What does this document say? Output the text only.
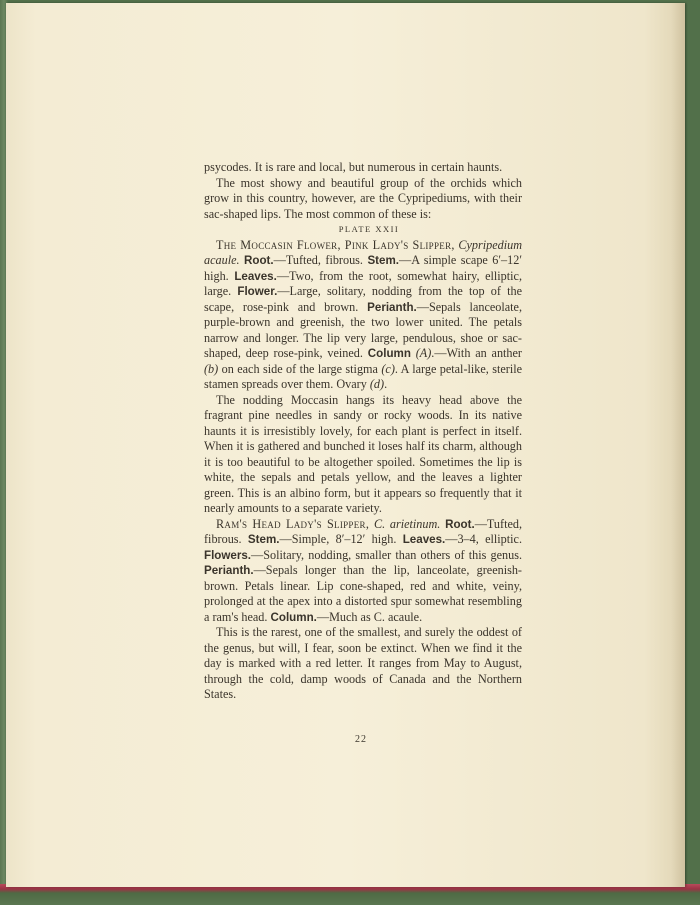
psycodes. It is rare and local, but numerous in certain haunts.

The most showy and beautiful group of the orchids which grow in this country, however, are the Cypripediums, with their sac-shaped lips. The most common of these is:

PLATE XXII

The Moccasin Flower, Pink Lady's Slipper, Cypripedium acaule. Root.—Tufted, fibrous. Stem.—A simple scape 6′–12′ high. Leaves.—Two, from the root, somewhat hairy, elliptic, large. Flower.—Large, solitary, nodding from the top of the scape, rose-pink and brown. Perianth.—Sepals lanceolate, purple-brown and greenish, the two lower united. The petals narrow and longer. The lip very large, pendulous, shoe or sac-shaped, deep rose-pink, veined. Column (A).—With an anther (b) on each side of the large stigma (c). A large petal-like, sterile stamen spreads over them. Ovary (d).

The nodding Moccasin hangs its heavy head above the fragrant pine needles in sandy or rocky woods. In its native haunts it is irresistibly lovely, for each plant is perfect in itself. When it is gathered and bunched it loses half its charm, although it is too beautiful to be altogether spoiled. Sometimes the lip is white, the sepals and petals yellow, and the leaves a lighter green. This is an albino form, but it appears so frequently that it nearly amounts to a separate variety.

Ram's Head Lady's Slipper, C. arietinum. Root.—Tufted, fibrous. Stem.—Simple, 8′–12′ high. Leaves.—3–4, elliptic. Flowers.—Solitary, nodding, smaller than others of this genus. Perianth.—Sepals longer than the lip, lanceolate, greenish-brown. Petals linear. Lip cone-shaped, red and white, veiny, prolonged at the apex into a distorted spur somewhat resembling a ram's head. Column.—Much as C. acaule.

This is the rarest, one of the smallest, and surely the oddest of the genus, but will, I fear, soon be extinct. When we find it the day is marked with a red letter. It ranges from May to August, through the cold, damp woods of Canada and the Northern States.

22
